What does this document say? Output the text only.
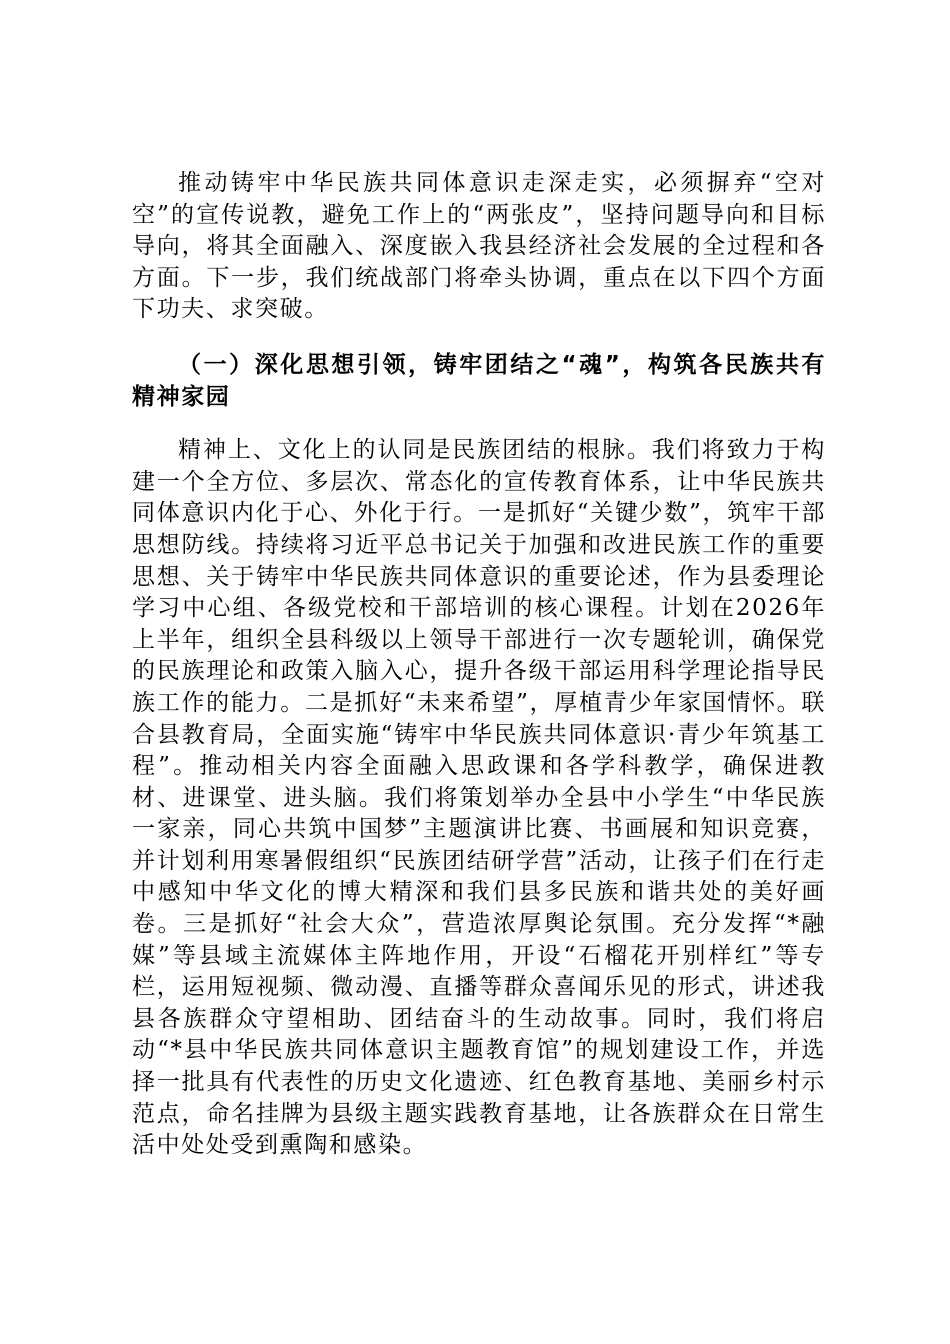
推动铸牢中华民族共同体意识走深走实，必须摒弃“空对空”的宣传说教，避免工作上的“两张皮”，坚持问题导向和目标导向，将其全面融入、深度嵌入我县经济社会发展的全过程和各方面。下一步，我们统战部门将牵头协调，重点在以下四个方面下功夫、求突破。

（一）深化思想引领，铸牢团结之“魂”，构筑各民族共有精神家园

精神上、文化上的认同是民族团结的根脉。我们将致力于构建一个全方位、多层次、常态化的宣传教育体系，让中华民族共同体意识内化于心、外化于行。一是抓好“关键少数”，筑牢干部思想防线。持续将习近平总书记关于加强和改进民族工作的重要思想、关于铸牢中华民族共同体意识的重要论述，作为县委理论学习中心组、各级党校和干部培训的核心课程。计划在2026年上半年，组织全县科级以上领导干部进行一次专题轮训，确保党的民族理论和政策入脑入心，提升各级干部运用科学理论指导民族工作的能力。二是抓好“未来希望”，厚植青少年家国情怀。联合县教育局，全面实施“铸牢中华民族共同体意识·青少年筑基工程”。推动相关内容全面融入思政课和各学科教学，确保进教材、进课堂、进头脑。我们将策划举办全县中小学生“中华民族一家亲，同心共筑中国梦”主题演讲比赛、书画展和知识竞赛，并计划利用寒暑假组织“民族团结研学营”活动，让孩子们在行走中感知中华文化的博大精深和我们县多民族和谐共处的美好画卷。三是抓好“社会大众”，营造浓厚舆论氛围。充分发挥“*融媒”等县域主流媒体主阵地作用，开设“石榴花开别样红”等专栏，运用短视频、微动漫、直播等群众喜闻乐见的形式，讲述我县各族群众守望相助、团结奋斗的生动故事。同时，我们将启动“*县中华民族共同体意识主题教育馆”的规划建设工作，并选择一批具有代表性的历史文化遗迹、红色教育基地、美丽乡村示范点，命名挂牌为县级主题实践教育基地，让各族群众在日常生活中处处受到熏陶和感染。
